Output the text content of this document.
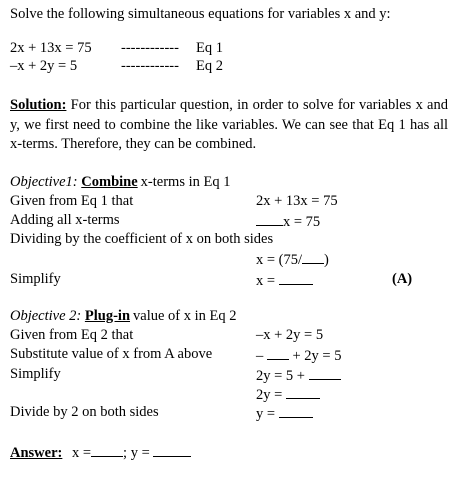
Solve the following simultaneous equations for variables x and y:
2x + 13x = 75 ------------ Eq 1
–x + 2y = 5	------------ Eq 2
Solution: For this particular question, in order to solve for variables x and y, we first need to combine the like variables. We can see that Eq 1 has all x-terms. Therefore, they can be combined.
Objective1: Combine x-terms in Eq 1
Given from Eq 1 that	2x + 13x = 75
Adding all x-terms	x = 75
Dividing by the coefficient of x on both sides
x = (75/ )
Simplify	x =	(A)
Objective 2: Plug-in value of x in Eq 2
Given from Eq 2 that	–x + 2y = 5
Substitute value of x from A above	– + 2y = 5
Simplify	2y = 5 +
2y =
Divide by 2 on both sides	y =
Answer: x = ; y =
